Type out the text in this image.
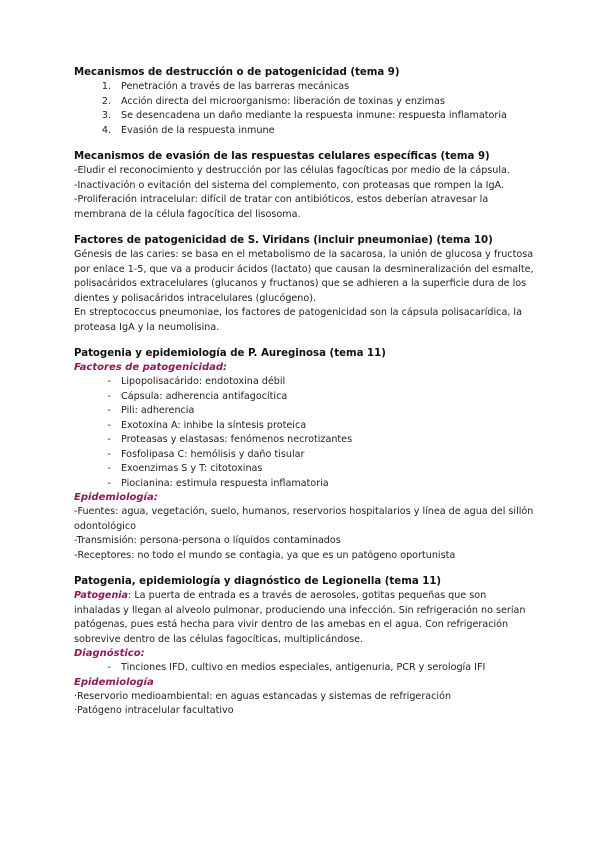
Mecanismos de destrucción o de patogenicidad (tema 9)

1.	Penetración a través de las barreras mecánicas
2.	Acción directa del microorganismo: liberación de toxinas y enzimas
3.	Se desencadena un daño mediante la respuesta inmune: respuesta inflamatoria
4.	Evasión de la respuesta inmune

Mecanismos de evasión de las respuestas celulares específicas (tema 9)

-Eludir el reconocimiento y destrucción por las células fagocíticas por medio de la cápsula.

-Inactivación o evitación del sistema del complemento, con proteasas que rompen la IgA.

-Proliferación intracelular: difícil de tratar con antibióticos, estos deberían atravesar la membrana de la célula fagocítica del lisosoma.

Factores de patogenicidad de S. Viridans (incluir pneumoniae) (tema 10)

Génesis de las caries: se basa en el metabolismo de la sacarosa, la unión de glucosa y fructosa por enlace 1-5, que va a producir ácidos (lactato) que causan la desmineralización del esmalte, polisacáridos extracelulares (glucanos y fructanos) que se adhieren a la superficie dura de los dientes y polisacáridos intracelulares (glucógeno).

En streptococcus pneumoniae, los factores de patogenicidad son la cápsula polisacarídica, la proteasa IgA y la neumolisina.

Patogenia y epidemiología de P. Aureginosa (tema 11)

Factores de patogenicidad:

-	Lipopolisacárido: endotoxina débil
-	Cápsula: adherencia antifagocítica
-	Pili: adherencia
-	Exotoxina A: inhibe la síntesis proteica
-	Proteasas y elastasas: fenómenos necrotizantes
-	Fosfolipasa C: hemólisis y daño tisular
-	Exoenzimas S y T: citotoxinas
-	Piocianina: estimula respuesta inflamatoria

Epidemiología:

-Fuentes: agua, vegetación, suelo, humanos, reservorios hospitalarios y línea de agua del sillón odontológico

-Transmisión: persona-persona o líquidos contaminados

-Receptores: no todo el mundo se contagia, ya que es un patógeno oportunista

Patogenia, epidemiología y diagnóstico de Legionella (tema 11)

Patogenia: La puerta de entrada es a través de aerosoles, gotitas pequeñas que son inhaladas y llegan al alveolo pulmonar, produciendo una infección. Sin refrigeración no serían patógenas, pues está hecha para vivir dentro de las amebas en el agua. Con refrigeración sobrevive dentro de las células fagocíticas, multiplicándose.

Diagnóstico:

-	Tinciones IFD, cultivo en medios especiales, antigenuria, PCR y serología IFI

Epidemiología

·Reservorio medioambiental: en aguas estancadas y sistemas de refrigeración

·Patógeno intracelular facultativo
